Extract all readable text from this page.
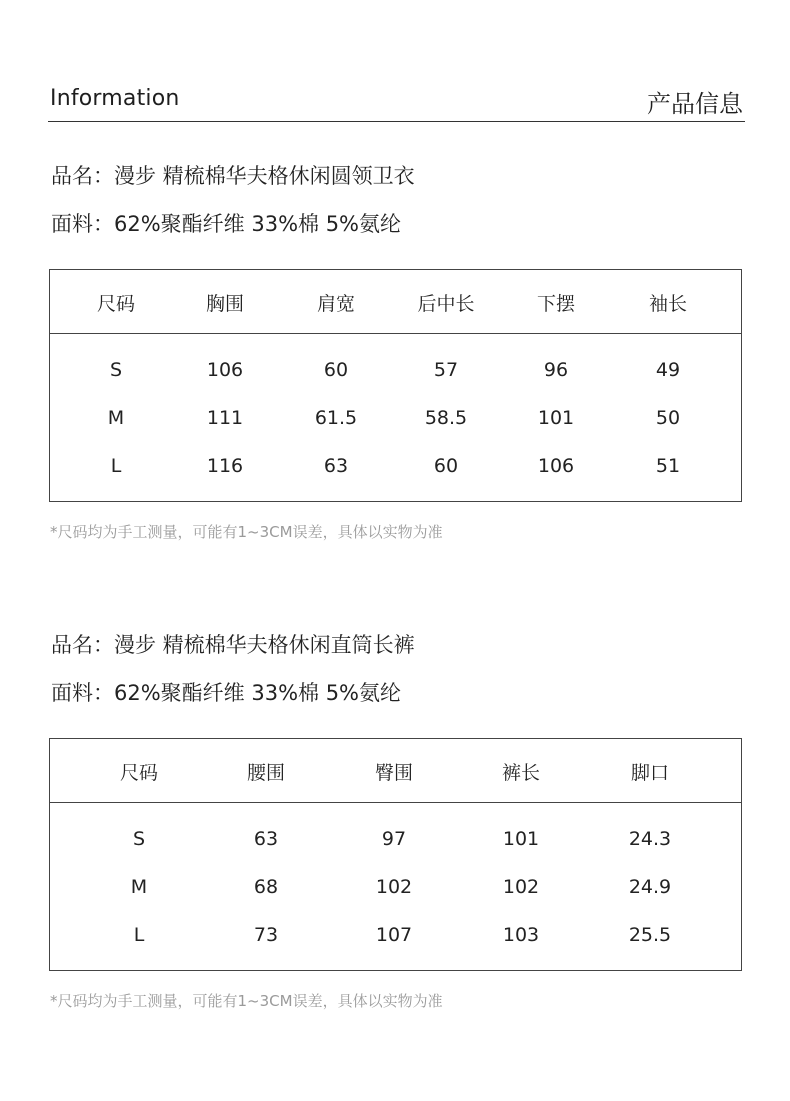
Information	产品信息
品名：漫步 精梳棉华夫格休闲圆领卫衣
面料：62%聚酯纤维 33%棉 5%氨纶
尺码	胸围	肩宽	后中长	下摆	袖长
S	106	60	57	96	49
M	111	61.5	58.5	101	50
L	116	63	60	106	51
*尺码均为手工测量，可能有1~3CM误差，具体以实物为准
品名：漫步 精梳棉华夫格休闲直筒长裤
面料：62%聚酯纤维 33%棉 5%氨纶
尺码	腰围	臀围	裤长	脚口
S	63	97	101	24.3
M	68	102	102	24.9
L	73	107	103	25.5
*尺码均为手工测量，可能有1~3CM误差，具体以实物为准
